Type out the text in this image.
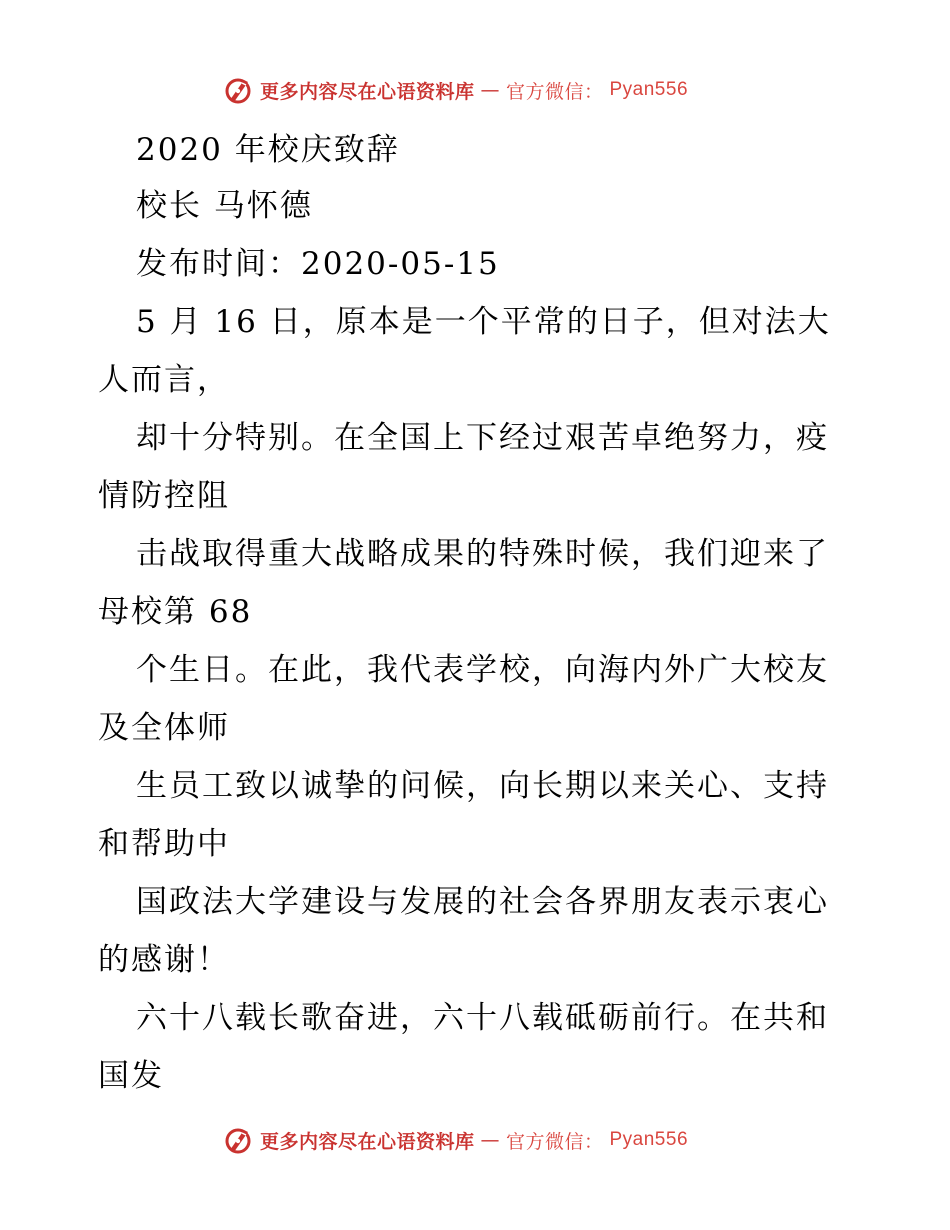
更多内容尽在心语资料库 — 官方微信： Pyan556
2020 年校庆致辞
校长 马怀德
发布时间：2020-05-15
5 月 16 日，原本是一个平常的日子，但对法大
人而言，
却十分特别。在全国上下经过艰苦卓绝努力，疫
情防控阻
击战取得重大战略成果的特殊时候，我们迎来了
母校第 68
个生日。在此，我代表学校，向海内外广大校友
及全体师
生员工致以诚挚的问候，向长期以来关心、支持
和帮助中
国政法大学建设与发展的社会各界朋友表示衷心
的感谢！
六十八载长歌奋进，六十八载砥砺前行。在共和
国发
更多内容尽在心语资料库 — 官方微信： Pyan556
